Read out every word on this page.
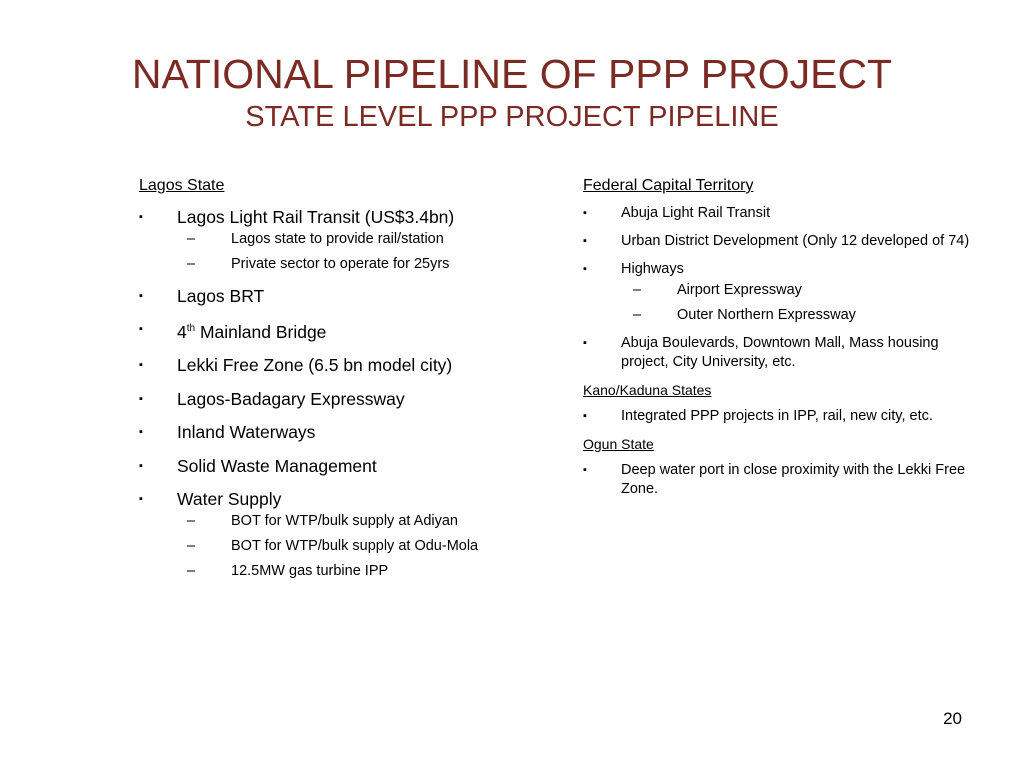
NATIONAL PIPELINE OF PPP PROJECT
STATE LEVEL PPP PROJECT PIPELINE
Lagos State
▪ Lagos Light Rail Transit (US$3.4bn)
– Lagos state to provide rail/station
– Private sector to operate for 25yrs
▪ Lagos BRT
▪ 4th Mainland Bridge
▪ Lekki Free Zone (6.5 bn model city)
▪ Lagos-Badagary Expressway
▪ Inland Waterways
▪ Solid Waste Management
▪ Water Supply
– BOT for WTP/bulk supply at Adiyan
– BOT for WTP/bulk supply at Odu-Mola
– 12.5MW gas turbine IPP
Federal Capital Territory
▪ Abuja Light Rail Transit
▪ Urban District Development (Only 12 developed of 74)
▪ Highways
– Airport Expressway
– Outer Northern Expressway
▪ Abuja Boulevards, Downtown Mall, Mass housing project, City University, etc.
Kano/Kaduna States
▪ Integrated PPP projects in IPP, rail, new city, etc.
Ogun State
▪ Deep water port in close proximity with the Lekki Free Zone.
20
